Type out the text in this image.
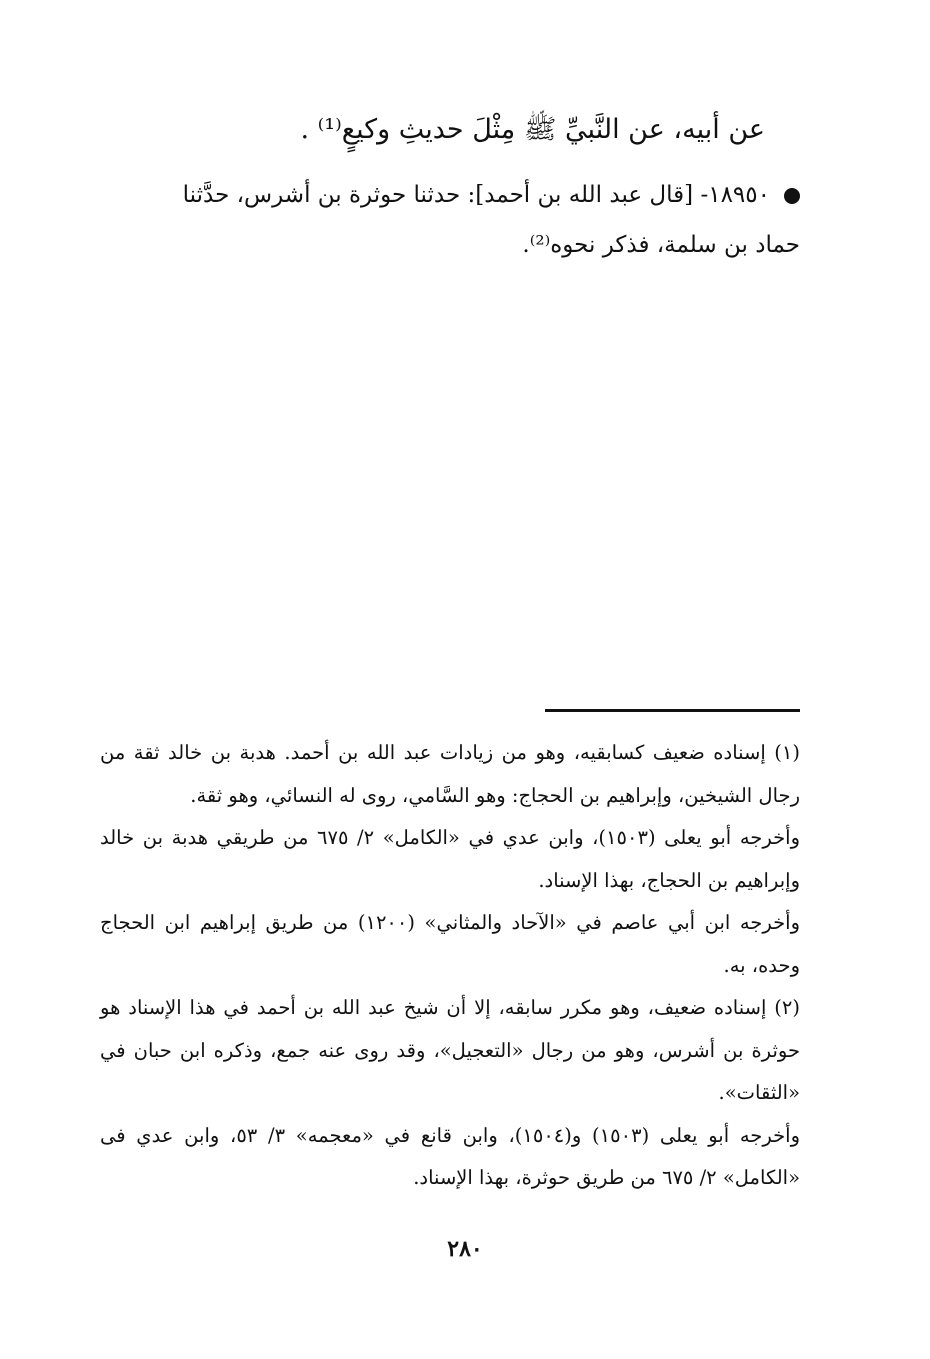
عن أبيه، عن النَّبيِّ ﷺ مِثْلَ حديثِ وكيعٍ⁽¹⁾ .
١٨٩٥٠- [قال عبد الله بن أحمد]: حدثنا حوثرة بن أشرس، حدَّثنا
حماد بن سلمة، فذكر نحوه⁽²⁾.

(١) إسناده ضعيف كسابقيه، وهو من زيادات عبد الله بن أحمد. هدبة بن خالد ثقة من رجال الشيخين، وإبراهيم بن الحجاج: وهو السَّامي، روى له النسائي، وهو ثقة.

وأخرجه أبو يعلى (١٥٠٣)، وابن عدي في «الكامل» ٢/ ٦٧٥ من طريقي هدبة بن خالد وإبراهيم بن الحجاج، بهذا الإسناد.

وأخرجه ابن أبي عاصم في «الآحاد والمثاني» (١٢٠٠) من طريق إبراهيم ابن الحجاج وحده، به.

(٢) إسناده ضعيف، وهو مكرر سابقه، إلا أن شيخ عبد الله بن أحمد في هذا الإسناد هو حوثرة بن أشرس، وهو من رجال «التعجيل»، وقد روى عنه جمع، وذكره ابن حبان في «الثقات».

وأخرجه أبو يعلى (١٥٠٣) و(١٥٠٤)، وابن قانع في «معجمه» ٣/ ٥٣، وابن عدي فى «الكامل» ٢/ ٦٧٥ من طريق حوثرة، بهذا الإسناد.

٢٨٠
